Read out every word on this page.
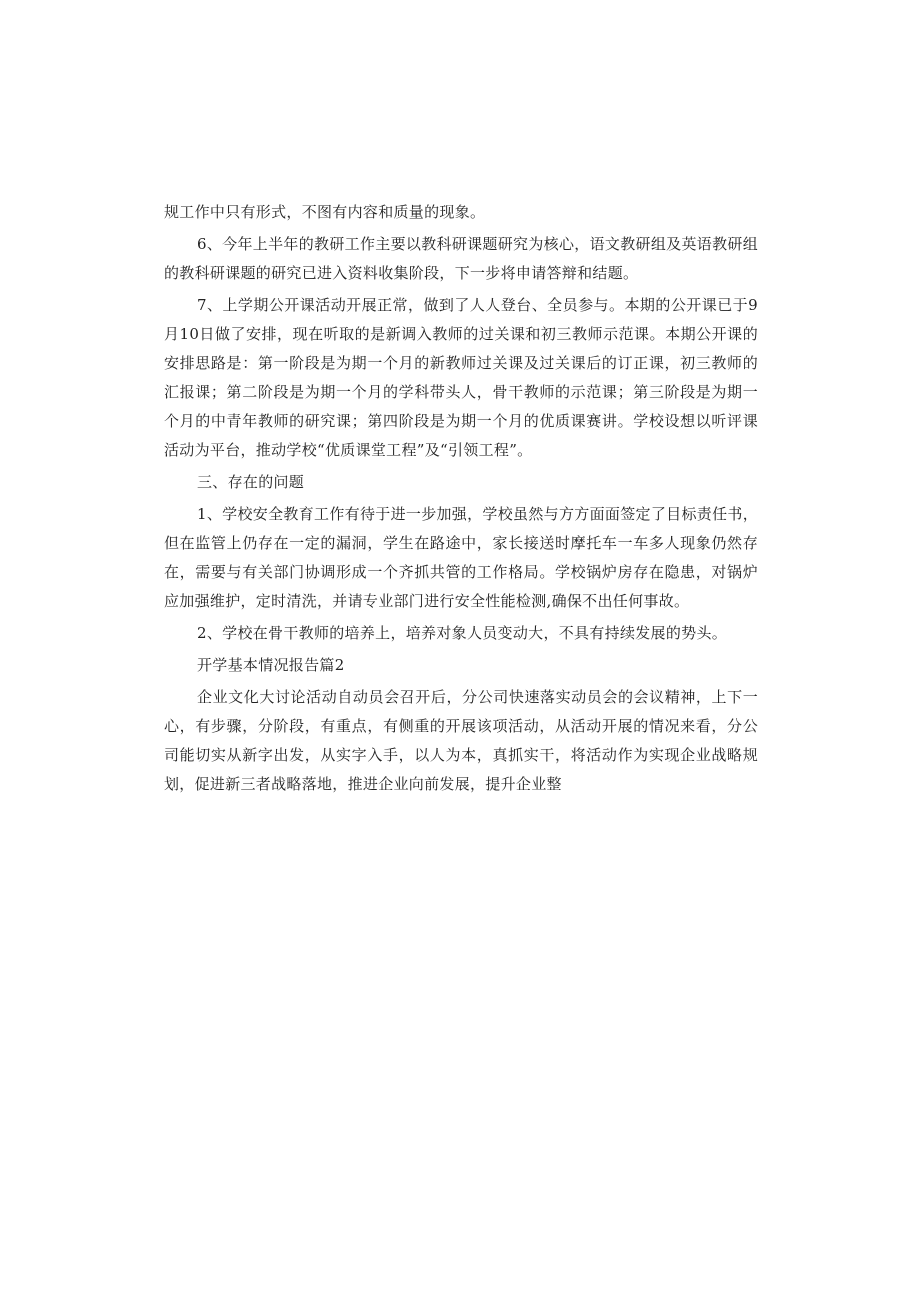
规工作中只有形式，不图有内容和质量的现象。

6、今年上半年的教研工作主要以教科研课题研究为核心，语文教研组及英语教研组的教科研课题的研究已进入资料收集阶段，下一步将申请答辩和结题。

7、上学期公开课活动开展正常，做到了人人登台、全员参与。本期的公开课已于9月10日做了安排，现在听取的是新调入教师的过关课和初三教师示范课。本期公开课的安排思路是：第一阶段是为期一个月的新教师过关课及过关课后的订正课，初三教师的汇报课；第二阶段是为期一个月的学科带头人，骨干教师的示范课；第三阶段是为期一个月的中青年教师的研究课；第四阶段是为期一个月的优质课赛讲。学校设想以听评课活动为平台，推动学校“优质课堂工程”及“引领工程”。

三、存在的问题

1、学校安全教育工作有待于进一步加强，学校虽然与方方面面签定了目标责任书，但在监管上仍存在一定的漏洞，学生在路途中，家长接送时摩托车一车多人现象仍然存在，需要与有关部门协调形成一个齐抓共管的工作格局。学校锅炉房存在隐患，对锅炉应加强维护，定时清洗，并请专业部门进行安全性能检测,确保不出任何事故。

2、学校在骨干教师的培养上，培养对象人员变动大，不具有持续发展的势头。

开学基本情况报告篇2

企业文化大讨论活动自动员会召开后，分公司快速落实动员会的会议精神，上下一心，有步骤，分阶段，有重点，有侧重的开展该项活动，从活动开展的情况来看，分公司能切实从新字出发，从实字入手，以人为本，真抓实干，将活动作为实现企业战略规划，促进新三者战略落地，推进企业向前发展，提升企业整
